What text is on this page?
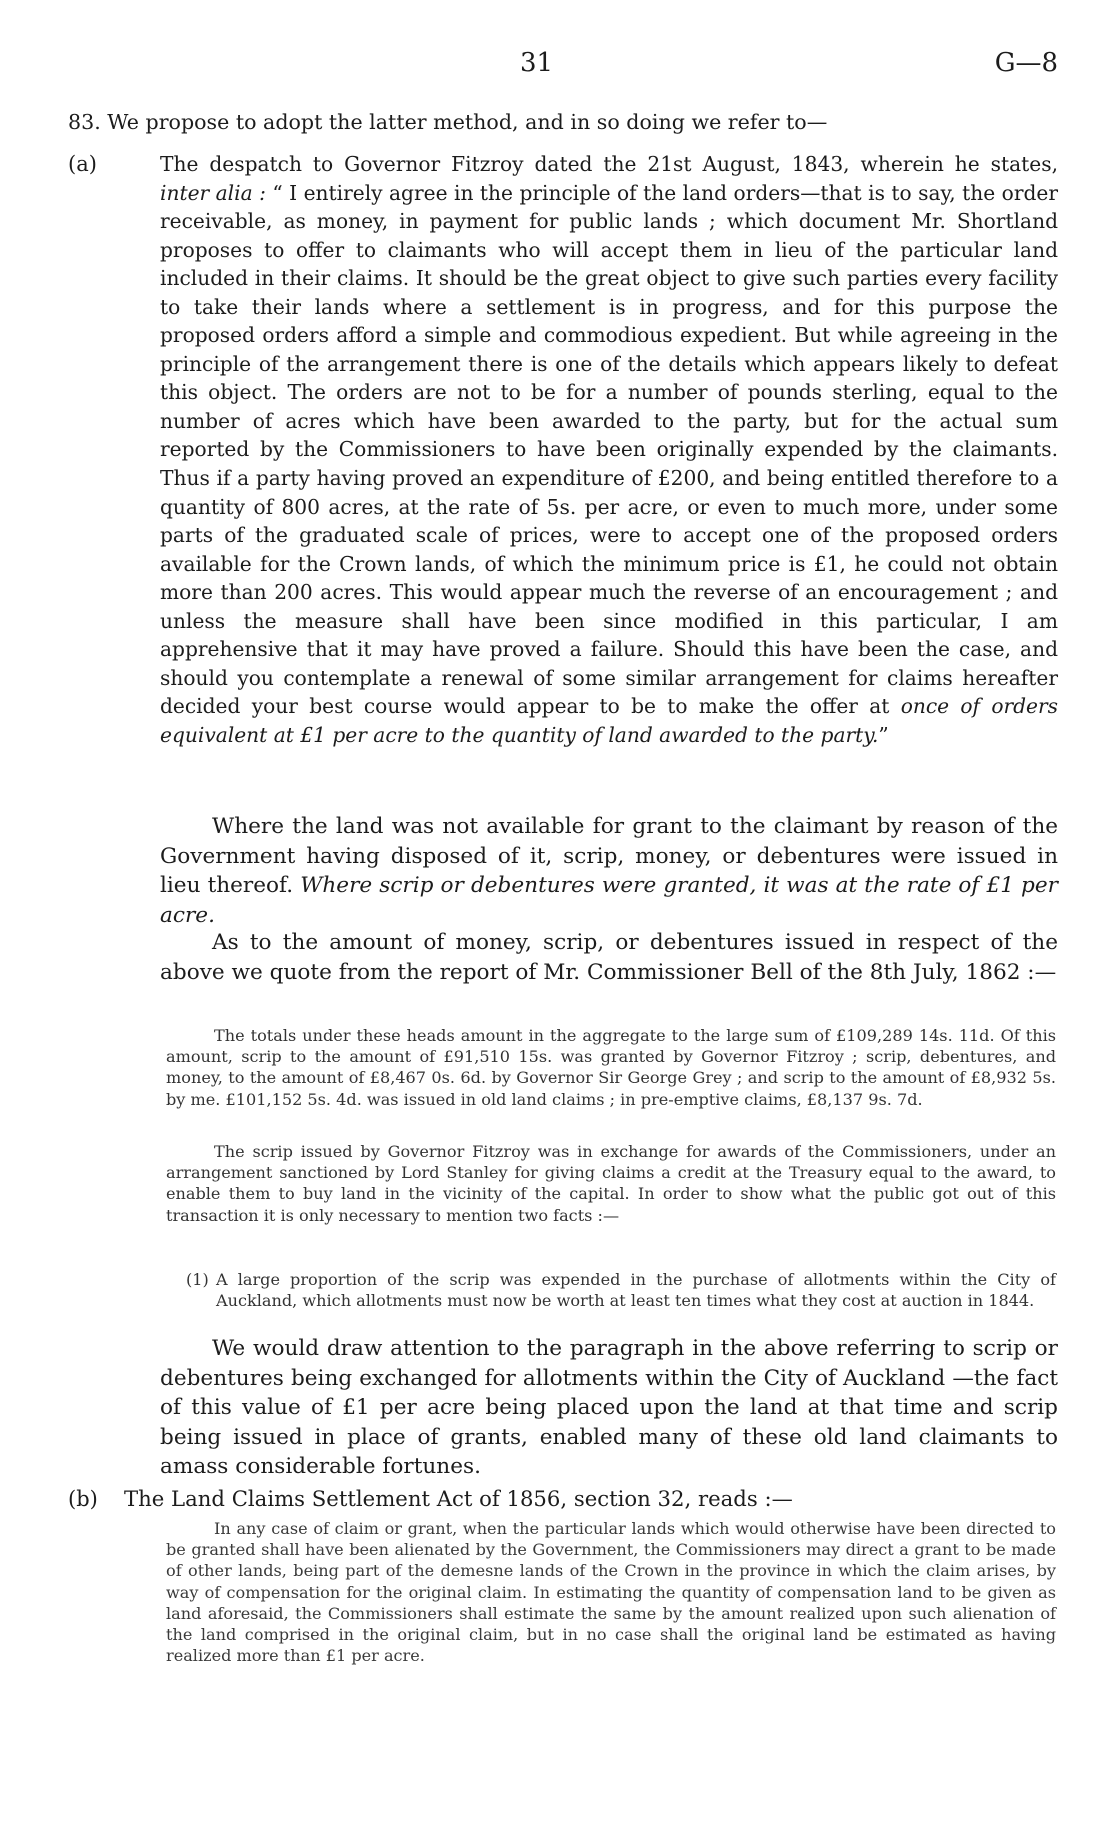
31	G—8
83. We propose to adopt the latter method, and in so doing we refer to—
(a)	The despatch to Governor Fitzroy dated the 21st August, 1843, wherein he states, inter alia : “ I entirely agree in the principle of the land orders—that is to say, the order receivable, as money, in payment for public lands ; which document Mr. Shortland proposes to offer to claimants who will accept them in lieu of the particular land included in their claims. It should be the great object to give such parties every facility to take their lands where a settlement is in progress, and for this purpose the proposed orders afford a simple and commodious expedient. But while agreeing in the principle of the arrangement there is one of the details which appears likely to defeat this object. The orders are not to be for a number of pounds sterling, equal to the number of acres which have been awarded to the party, but for the actual sum reported by the Commissioners to have been originally expended by the claimants. Thus if a party having proved an expenditure of £200, and being entitled therefore to a quantity of 800 acres, at the rate of 5s. per acre, or even to much more, under some parts of the graduated scale of prices, were to accept one of the proposed orders available for the Crown lands, of which the minimum price is £1, he could not obtain more than 200 acres. This would appear much the reverse of an encouragement ; and unless the measure shall have been since modified in this particular, I am apprehensive that it may have proved a failure. Should this have been the case, and should you contemplate a renewal of some similar arrangement for claims hereafter decided your best course would appear to be to make the offer at once of orders equivalent at £1 per acre to the quantity of land awarded to the party.”
Where the land was not available for grant to the claimant by reason of the Government having disposed of it, scrip, money, or debentures were issued in lieu thereof. Where scrip or debentures were granted, it was at the rate of £1 per acre.
As to the amount of money, scrip, or debentures issued in respect of the above we quote from the report of Mr. Commissioner Bell of the 8th July, 1862 :—
The totals under these heads amount in the aggregate to the large sum of £109,289 14s. 11d. Of this amount, scrip to the amount of £91,510 15s. was granted by Governor Fitzroy ; scrip, debentures, and money, to the amount of £8,467 0s. 6d. by Governor Sir George Grey ; and scrip to the amount of £8,932 5s. by me. £101,152 5s. 4d. was issued in old land claims ; in pre-emptive claims, £8,137 9s. 7d.
The scrip issued by Governor Fitzroy was in exchange for awards of the Commissioners, under an arrangement sanctioned by Lord Stanley for giving claims a credit at the Treasury equal to the award, to enable them to buy land in the vicinity of the capital. In order to show what the public got out of this transaction it is only necessary to mention two facts :—
(1) A large proportion of the scrip was expended in the purchase of allotments within the City of Auckland, which allotments must now be worth at least ten times what they cost at auction in 1844.
We would draw attention to the paragraph in the above referring to scrip or debentures being exchanged for allotments within the City of Auckland —the fact of this value of £1 per acre being placed upon the land at that time and scrip being issued in place of grants, enabled many of these old land claimants to amass considerable fortunes.
(b) The Land Claims Settlement Act of 1856, section 32, reads :—
In any case of claim or grant, when the particular lands which would otherwise have been directed to be granted shall have been alienated by the Government, the Commissioners may direct a grant to be made of other lands, being part of the demesne lands of the Crown in the province in which the claim arises, by way of compensation for the original claim. In estimating the quantity of compensation land to be given as land aforesaid, the Commissioners shall estimate the same by the amount realized upon such alienation of the land comprised in the original claim, but in no case shall the original land be estimated as having realized more than £1 per acre.
